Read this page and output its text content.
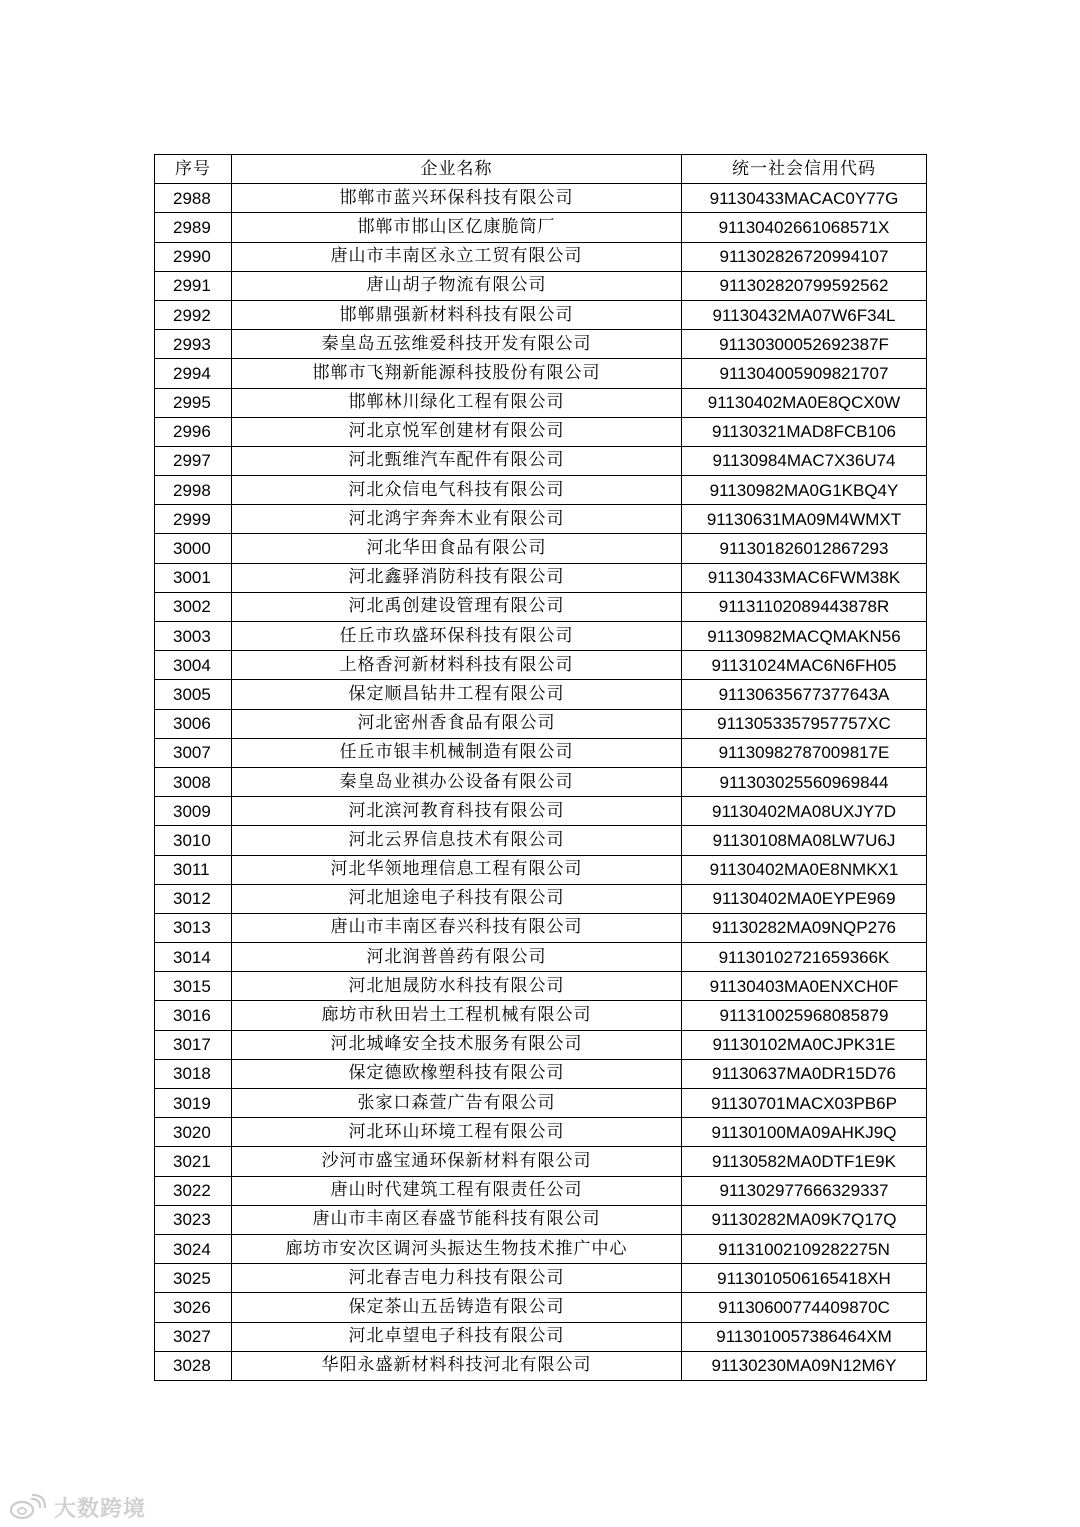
序号	企业名称	统一社会信用代码
2988	邯郸市蓝兴环保科技有限公司	91130433MACAC0Y77G
2989	邯郸市邯山区亿康脆筒厂	91130402661068571X
2990	唐山市丰南区永立工贸有限公司	911302826720994107
2991	唐山胡子物流有限公司	911302820799592562
2992	邯郸鼎强新材料科技有限公司	91130432MA07W6F34L
2993	秦皇岛五弦维爱科技开发有限公司	91130300052692387F
2994	邯郸市飞翔新能源科技股份有限公司	911304005909821707
2995	邯郸林川绿化工程有限公司	91130402MA0E8QCX0W
2996	河北京悦军创建材有限公司	91130321MAD8FCB106
2997	河北甄维汽车配件有限公司	91130984MAC7X36U74
2998	河北众信电气科技有限公司	91130982MA0G1KBQ4Y
2999	河北鸿宇奔奔木业有限公司	91130631MA09M4WMXT
3000	河北华田食品有限公司	911301826012867293
3001	河北鑫驿消防科技有限公司	91130433MAC6FWM38K
3002	河北禹创建设管理有限公司	91131102089443878R
3003	任丘市玖盛环保科技有限公司	91130982MACQMAKN56
3004	上格香河新材料科技有限公司	91131024MAC6N6FH05
3005	保定顺昌钻井工程有限公司	91130635677377643A
3006	河北密州香食品有限公司	9113053357957757XC
3007	任丘市银丰机械制造有限公司	91130982787009817E
3008	秦皇岛业祺办公设备有限公司	911303025560969844
3009	河北滨河教育科技有限公司	91130402MA08UXJY7D
3010	河北云界信息技术有限公司	91130108MA08LW7U6J
3011	河北华领地理信息工程有限公司	91130402MA0E8NMKX1
3012	河北旭途电子科技有限公司	91130402MA0EYPE969
3013	唐山市丰南区春兴科技有限公司	91130282MA09NQP276
3014	河北润普兽药有限公司	91130102721659366K
3015	河北旭晟防水科技有限公司	91130403MA0ENXCH0F
3016	廊坊市秋田岩土工程机械有限公司	911310025968085879
3017	河北城峰安全技术服务有限公司	91130102MA0CJPK31E
3018	保定德欧橡塑科技有限公司	91130637MA0DR15D76
3019	张家口森萱广告有限公司	91130701MACX03PB6P
3020	河北环山环境工程有限公司	91130100MA09AHKJ9Q
3021	沙河市盛宝通环保新材料有限公司	91130582MA0DTF1E9K
3022	唐山时代建筑工程有限责任公司	911302977666329337
3023	唐山市丰南区春盛节能科技有限公司	91130282MA09K7Q17Q
3024	廊坊市安次区调河头振达生物技术推广中心	91131002109282275N
3025	河北春吉电力科技有限公司	9113010506165418XH
3026	保定茶山五岳铸造有限公司	91130600774409870C
3027	河北卓望电子科技有限公司	9113010057386464XM
3028	华阳永盛新材料科技河北有限公司	91130230MA09N12M6Y
大数跨境
